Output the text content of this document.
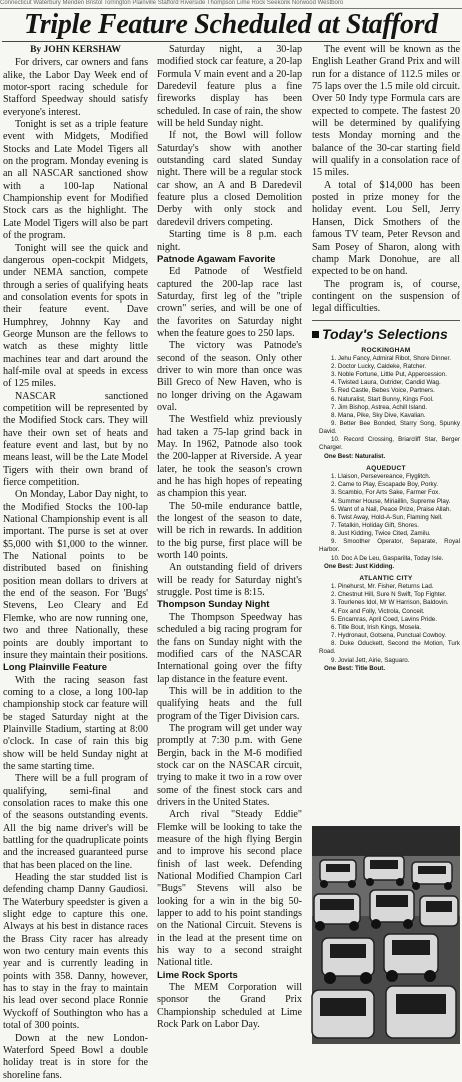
Connecticut Waterbury Meriden Bristol Torrington Plainville Stafford Riverside Thompson Lime Rock Seekonk Norwood Westboro
Triple Feature Scheduled at Stafford

By JOHN KERSHAW

For drivers, car owners and fans alike, the Labor Day Week end of motor-sport racing schedule for Stafford Speedway should satisfy everyone's interest.

Tonight is set as a triple feature event with Midgets, Modified Stocks and Late Model Tigers all on the program. Monday evening is an all NASCAR sanctioned show with a 100-lap National Championship event for Modified Stock cars as the highlight. The Late Model Tigers will also be part of the program.

Tonight will see the quick and dangerous open-cockpit Midgets, under NEMA sanction, compete through a series of qualifying heats and consolation events for spots in their feature event. Dave Humphrey, Johnny Kay and George Munson are the fellows to watch as these mighty little machines tear and dart around the half-mile oval at speeds in excess of 125 miles.

NASCAR sanctioned competition will be represented by the Modified Stock cars. They will have their own set of heats and feature event and last, but by no means least, will be the Late Model Tigers with their own brand of fierce competition.

On Monday, Labor Day night, to the Modified Stocks the 100-lap National Championship event is all important. The purse is set at over $5,000 with $1,000 to the winner. The National points to be distributed based on finishing position mean dollars to drivers at the end of the season. For 'Bugs' Stevens, Leo Cleary and Ed Flemke, who are now running one, two and three Nationally, these points are doubly important to insure they maintain their positions.

Long Plainville Feature

With the racing season fast coming to a close, a long 100-lap championship stock car feature will be staged Saturday night at the Plainville Stadium, starting at 8:00 o'clock. In case of rain this big show will be held Sunday night at the same starting time.

There will be a full program of qualifying, semi-final and consolation races to make this one of the seasons outstanding events. All the big name driver's will be battling for the quadruplicate points and the increased guaranteed purse that has been placed on the line.

Heading the star studded list is defending champ Danny Gaudiosi. The Waterbury speedster is given a slight edge to capture this one. Always at his best in distance races the Brass City racer has already won two century main events this year and is currently leading in points with 358. Danny, however, has to stay in the fray to maintain his lead over second place Ronnie Wyckoff of Southington who has a total of 300 points.

Down at the new London-Waterford Speed Bowl a double holiday treat is in store for the shoreline fans.

Saturday night, a 30-lap modified stock car feature, a 20-lap Formula V main event and a 20-lap Daredevil feature plus a fine fireworks display has been scheduled. In case of rain, the show will be held Sunday night.

If not, the Bowl will follow Saturday's show with another outstanding card slated Sunday night. There will be a regular stock car show, an A and B Daredevil feature plus a closed Demolition Derby with only stock and daredevil drivers competing.

Starting time is 8 p.m. each night.

Patnode Agawam Favorite

Ed Patnode of Westfield captured the 200-lap race last Saturday, first leg of the "triple crown" series, and will be one of the favorites on Saturday night when the feature goes to 250 laps.

The victory was Patnode's second of the season. Only other driver to win more than once was Bill Greco of New Haven, who is no longer driving on the Agawam oval.

The Westfield whiz previously had taken a 75-lap grind back in May. In 1962, Patnode also took the 200-lapper at Riverside. A year later, he took the season's crown and he has high hopes of repeating as champion this year.

The 50-mile endurance battle, the longest of the season to date, will be rich in rewards. In addition to the big purse, first place will be worth 140 points.

An outstanding field of drivers will be ready for Saturday night's struggle. Post time is 8:15.

Thompson Sunday Night

The Thompson Speedway has scheduled a big racing program for the fans on Sunday night with the modified cars of the NASCAR International going over the fifty lap distance in the feature event.

This will be in addition to the qualifying heats and the full program of the Tiger Division cars.

The program will get under way promptly at 7:30 p.m. with Gene Bergin, back in the M-6 modified stock car on the NASCAR circuit, trying to make it two in a row over some of the finest stock cars and drivers in the United States.

Arch rival "Steady Eddie" Flemke will be looking to take the measure of the high flying Bergin and to improve his second place finish of last week. Defending National Modified Champion Carl "Bugs" Stevens will also be looking for a win in the big 50-lapper to add to his point standings on the National Circuit. Stevens is in the lead at the present time on his way to a second straight National title.

Lime Rock Sports

The MEM Corporation will sponsor the Grand Prix Championship scheduled at Lime Rock Park on Labor Day.

The event will be known as the English Leather Grand Prix and will run for a distance of 112.5 miles or 75 laps over the 1.5 mile old circuit. Over 50 Indy type Formula cars are expected to compete. The fastest 20 will be determined by qualifying tests Monday morning and the balance of the 30-car starting field will qualify in a consolation race of 15 miles.

A total of $14,000 has been posted in prize money for the holiday event. Lou Sell, Jerry Hansen, Dick Smothers of the famous TV team, Peter Revson and Sam Posey of Sharon, along with champ Mark Donohue, are all expected to be on hand.

The program is, of course, contingent on the suspension of legal difficulties.

Today's Selections
ROCKINGHAM

1. Jehu Fancy, Admiral Ribot, Shore Dinner.

2. Doctor Lucky, Caldeke, Ratcher.

3. Noble Fortune, Little Put, Appercession.

4. Twisted Laura, Outrider, Candid Wag.

5. Red Castle, Bebes Voice, Partners.

6. Naturalist, Start Bunny, Kings Fool.

7. Jim Bishop, Astrea, Achill Island.

8. Mana, Pike, Sky Dive, Kavalian.

9. Better Bee Bonded, Starry Song, Spunky David.

10. Record Crossing, Briarcliff Star, Berger Charger.

One Best: Naturalist.

AQUEDUCT

1. Llaison, Persevereance, Flyglitch.

2. Came to Play, Escapade Boy, Porky.

3. Scambio, For Arts Sake, Farmer Fox.

4. Summer House, Miriaillin, Supreme Play.

5. Want of a Nail, Peace Prize, Praise Allah.

6. Twist Away, Hold-A-Sun, Flaming Nell.

7. Tetalkin, Holiday Gift, Shores.

8. Just Kidding, Twice Cited, Zamilu.

9. Smoother Operator, Separate, Royal Harbor.

10. Doc A De Leu, Gasparilla, Today Isle.

One Best: Just Kidding.

ATLANTIC CITY

1. Pinehurst, Mr. Fisher, Returns Lad.

2. Chestnut Hill, Sure N Swift, Top Fighter.

3. Tourlenes Idol, Mr W Harrison, Baldovin.

4. Fox and Folly, Victrola, Conceit.

5. Encamras, April Coed, Lavins Pride.

6. Title Bout, Irish Kings, Mosela.

7. Hydronaut, Gotsena, Punctual Cowboy.

8. Duke Oduckett, Second the Motion, Turk Road.

9. Jovial Jett, Airie, Saguaro.

One Best: Title Bout.
